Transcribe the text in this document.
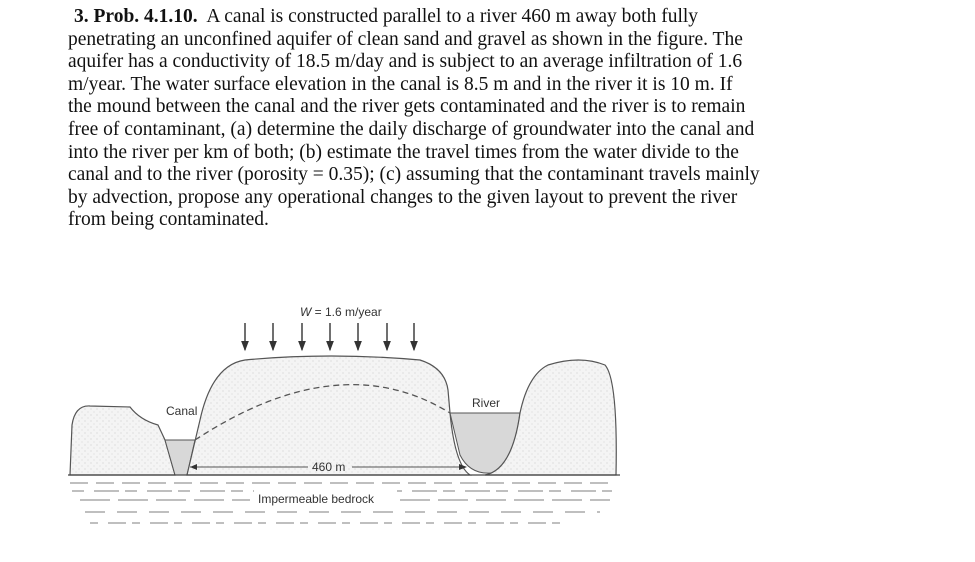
3. Prob. 4.1.10. A canal is constructed parallel to a river 460 m away both fully
penetrating an unconfined aquifer of clean sand and gravel as shown in the figure. The
aquifer has a conductivity of 18.5 m/day and is subject to an average infiltration of 1.6
m/year. The water surface elevation in the canal is 8.5 m and in the river it is 10 m. If
the mound between the canal and the river gets contaminated and the river is to remain
free of contaminant, (a) determine the daily discharge of groundwater into the canal and
into the river per km of both; (b) estimate the travel times from the water divide to the
canal and to the river (porosity = 0.35); (c) assuming that the contaminant travels mainly
by advection, propose any operational changes to the given layout to prevent the river
from being contaminated.
W = 1.6 m/year
Canal
River
460 m
Impermeable bedrock
